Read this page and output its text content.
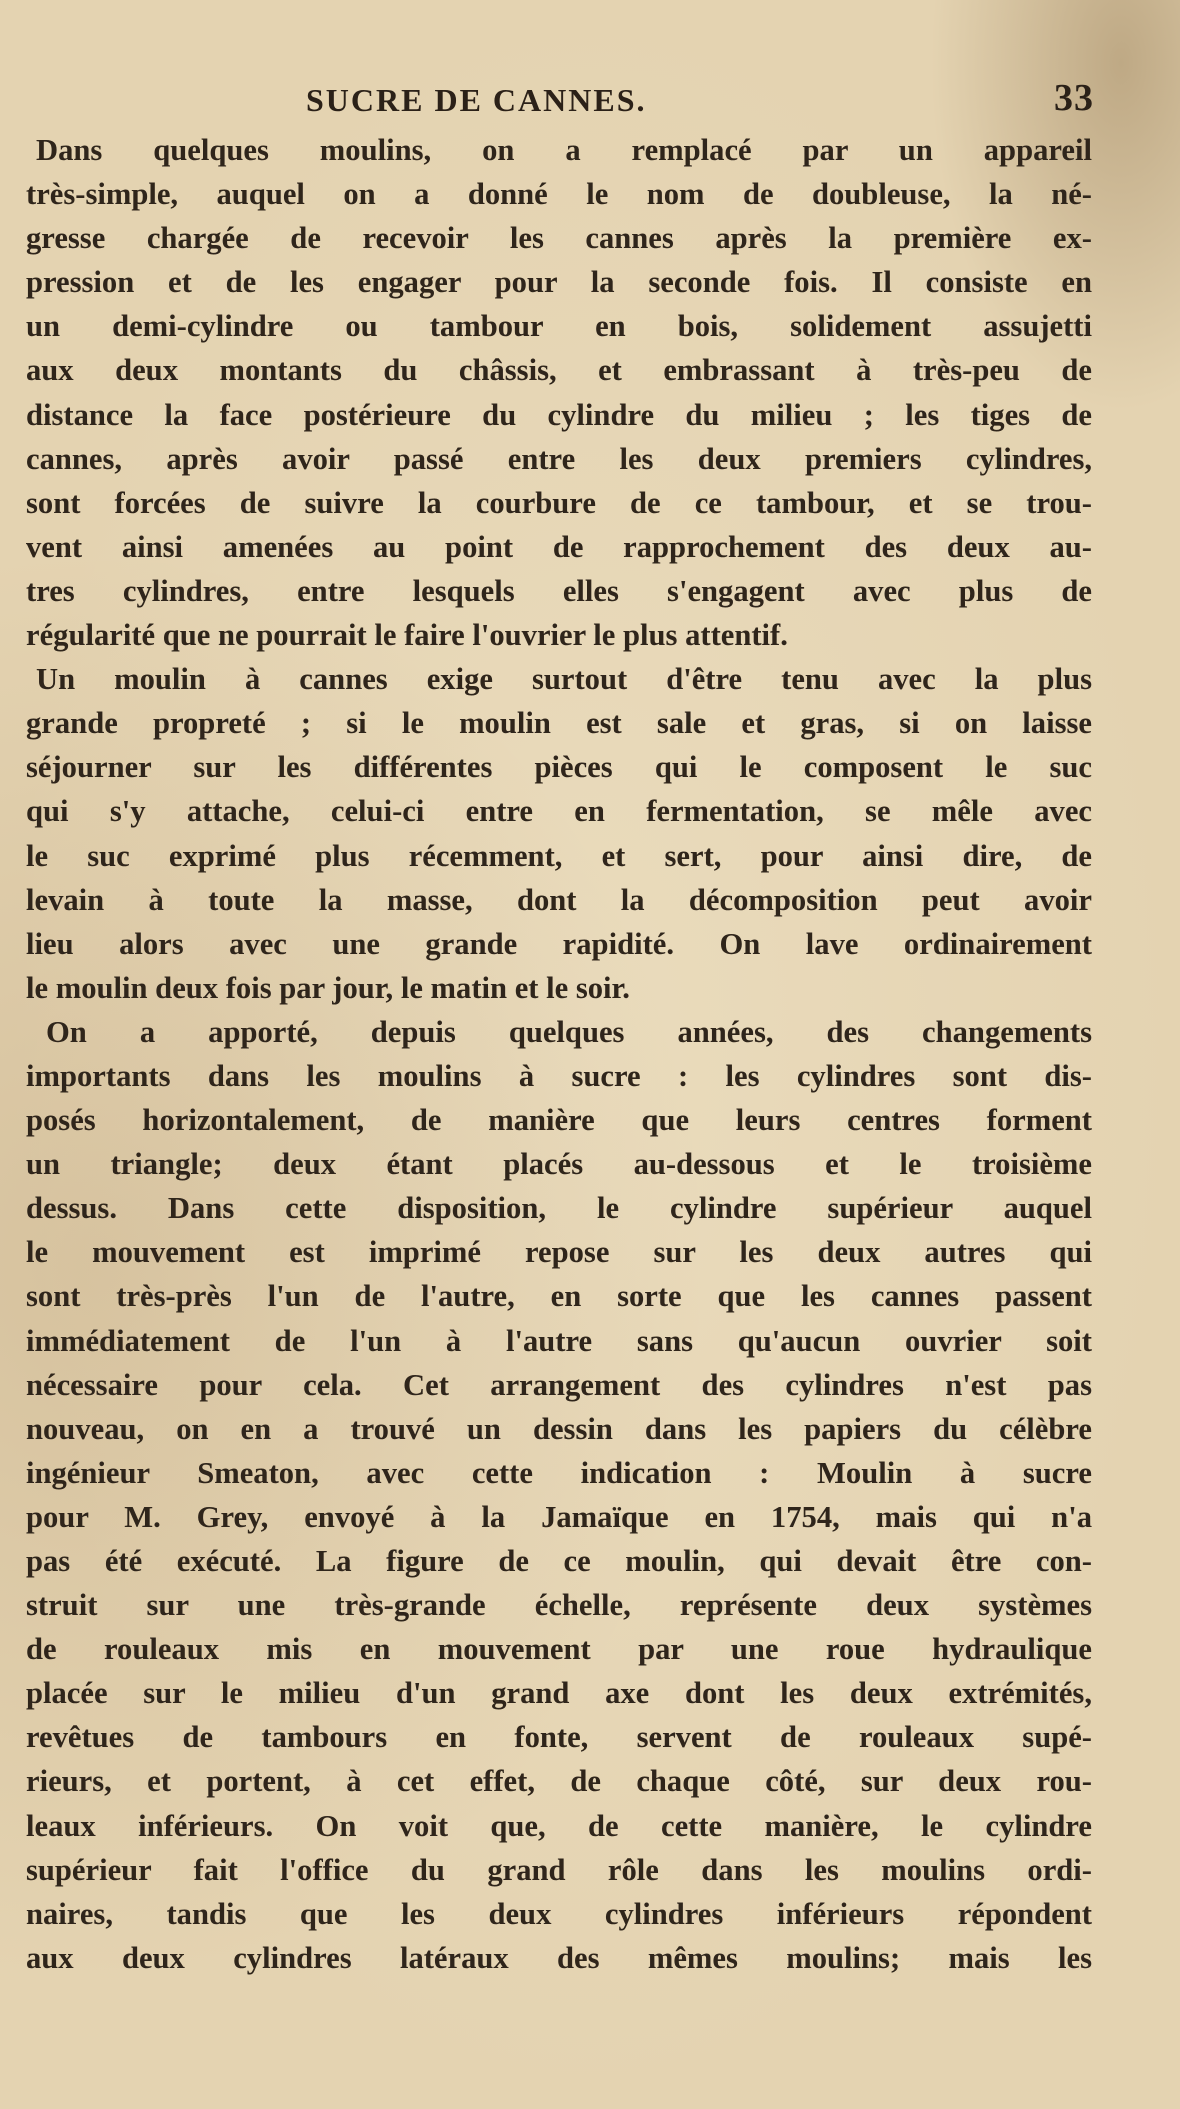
SUCRE DE CANNES.	33
Dans quelques moulins, on a remplacé par un appareil
très-simple, auquel on a donné le nom de doubleuse, la né-
gresse chargée de recevoir les cannes après la première ex-
pression et de les engager pour la seconde fois. Il consiste en
un demi-cylindre ou tambour en bois, solidement assujetti
aux deux montants du châssis, et embrassant à très-peu de
distance la face postérieure du cylindre du milieu ; les tiges de
cannes, après avoir passé entre les deux premiers cylindres,
sont forcées de suivre la courbure de ce tambour, et se trou-
vent ainsi amenées au point de rapprochement des deux au-
tres cylindres, entre lesquels elles s'engagent avec plus de
régularité que ne pourrait le faire l'ouvrier le plus attentif.
Un moulin à cannes exige surtout d'être tenu avec la plus
grande propreté ; si le moulin est sale et gras, si on laisse
séjourner sur les différentes pièces qui le composent le suc
qui s'y attache, celui-ci entre en fermentation, se mêle avec
le suc exprimé plus récemment, et sert, pour ainsi dire, de
levain à toute la masse, dont la décomposition peut avoir
lieu alors avec une grande rapidité. On lave ordinairement
le moulin deux fois par jour, le matin et le soir.
On a apporté, depuis quelques années, des changements
importants dans les moulins à sucre : les cylindres sont dis-
posés horizontalement, de manière que leurs centres forment
un triangle; deux étant placés au-dessous et le troisième
dessus. Dans cette disposition, le cylindre supérieur auquel
le mouvement est imprimé repose sur les deux autres qui
sont très-près l'un de l'autre, en sorte que les cannes passent
immédiatement de l'un à l'autre sans qu'aucun ouvrier soit
nécessaire pour cela. Cet arrangement des cylindres n'est pas
nouveau, on en a trouvé un dessin dans les papiers du célèbre
ingénieur Smeaton, avec cette indication : Moulin à sucre
pour M. Grey, envoyé à la Jamaïque en 1754, mais qui n'a
pas été exécuté. La figure de ce moulin, qui devait être con-
struit sur une très-grande échelle, représente deux systèmes
de rouleaux mis en mouvement par une roue hydraulique
placée sur le milieu d'un grand axe dont les deux extrémités,
revêtues de tambours en fonte, servent de rouleaux supé-
rieurs, et portent, à cet effet, de chaque côté, sur deux rou-
leaux inférieurs. On voit que, de cette manière, le cylindre
supérieur fait l'office du grand rôle dans les moulins ordi-
naires, tandis que les deux cylindres inférieurs répondent
aux deux cylindres latéraux des mêmes moulins; mais les
